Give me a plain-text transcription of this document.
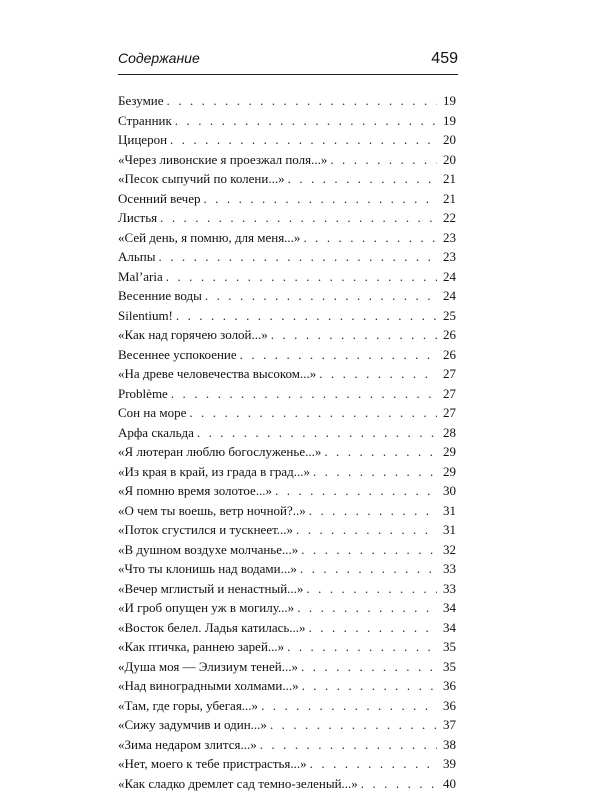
Содержание	459
Безумие . . .	19
Странник . . .	19
Цицерон . . .	20
«Через ливонские я проезжал поля...» . . .	20
«Песок сыпучий по колени...» . . .	21
Осенний вечер . . .	21
Листья . . .	22
«Сей день, я помню, для меня...» . . .	23
Альпы . . .	23
Mal’aria . . .	24
Весенние воды . . .	24
Silentium! . . .	25
«Как над горячею золой...» . . .	26
Весеннее успокоение . . .	26
«На древе человечества высоком...» . . .	27
Problème . . .	27
Сон на море . . .	27
Арфа скальда . . .	28
«Я лютеран люблю богослуженье...» . . .	29
«Из края в край, из града в град...» . . .	29
«Я помню время золотое...» . . .	30
«О чем ты воешь, ветр ночной?..» . . .	31
«Поток сгустился и тускнеет...» . . .	31
«В душном воздухе молчанье...» . . .	32
«Что ты клонишь над водами...» . . .	33
«Вечер мглистый и ненастный...» . . .	33
«И гроб опущен уж в могилу...» . . .	34
«Восток белел. Ладья катилась...» . . .	34
«Как птичка, раннею зарей...» . . .	35
«Душа моя — Элизиум теней...» . . .	35
«Над виноградными холмами...» . . .	36
«Там, где горы, убегая...» . . .	36
«Сижу задумчив и один...» . . .	37
«Зима недаром злится...» . . .	38
«Нет, моего к тебе пристрастья...» . . .	39
«Как сладко дремлет сад темно-зеленый...» . . .	40
